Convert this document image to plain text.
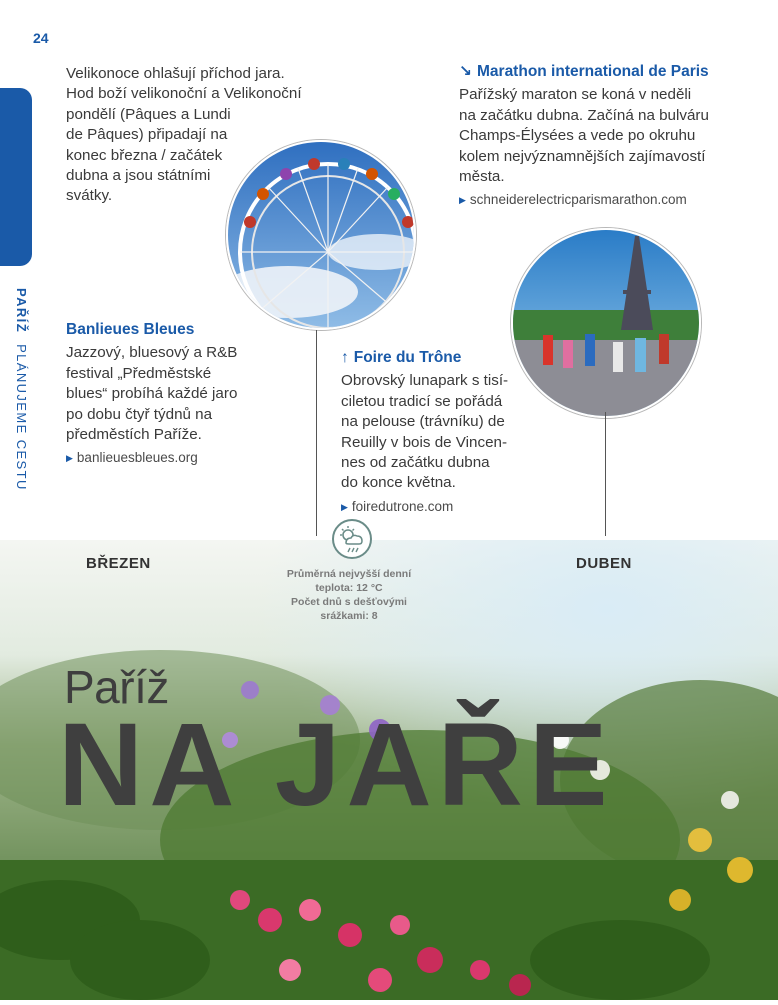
24
PAŘÍŽ PLÁNUJEME CESTU

Velikonoce ohlašují příchod jara.
Hod boží velikonoční a Velikonoční
pondělí (Pâques a Lundi
de Pâques) připadají na
konec března / začátek
dubna a jsou státními
svátky.

↘ Marathon international de Paris

Pařížský maraton se koná v neděli
na začátku dubna. Začíná na bulváru
Champs-Élysées a vede po okruhu
kolem nejvýznamnějších zajímavostí
města.

▶ schneiderelectricparismarathon.com
Banlieues Bleues

Jazzový, bluesový a R&B
festival „Předměstské
blues“ probíhá každé jaro
po dobu čtyř týdnů na
předměstích Paříže.

▶ banlieuesbleues.org
↑ Foire du Trône

Obrovský lunapark s tisí-
ciletou tradicí se pořádá
na pelouse (trávníku) de
Reuilly v bois de Vincen-
nes od začátku dubna
do konce května.

▶ foiredutrone.com
BŘEZEN	DUBEN
Průměrná nejvyšší denní
teplota: 12 °C
Počet dnů s dešťovými
srážkami: 8
Paříž
NA JAŘE
